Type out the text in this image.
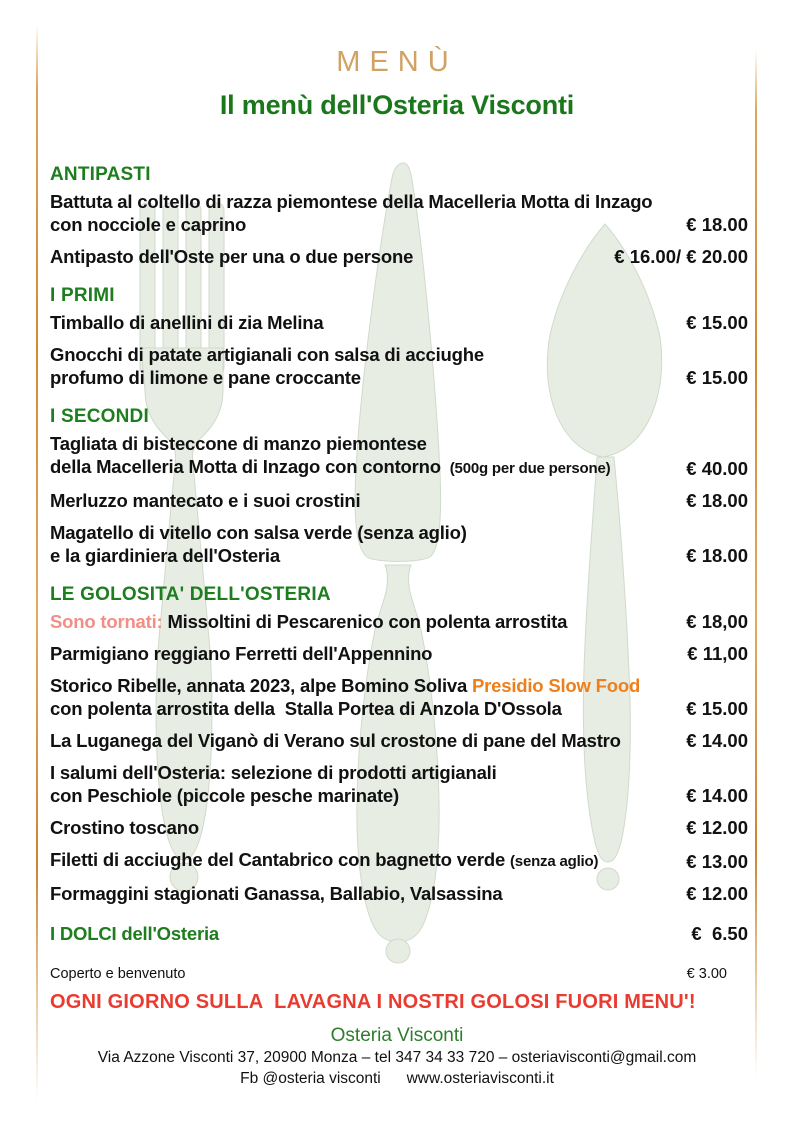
MENÙ
Il menù dell'Osteria Visconti
ANTIPASTI
Battuta al coltello di razza piemontese della Macelleria Motta di Inzago
con nocciole e caprino	€ 18.00
Antipasto dell'Oste per una o due persone	€ 16.00/ € 20.00
I PRIMI
Timballo di anellini di zia Melina	€ 15.00
Gnocchi di patate artigianali con salsa di acciughe
profumo di limone e pane croccante	€ 15.00
I SECONDI
Tagliata di bisteccone di manzo piemontese
della Macelleria Motta di Inzago con contorno  (500g per due persone)	€ 40.00
Merluzzo mantecato e i suoi crostini	€ 18.00
Magatello di vitello con salsa verde (senza aglio)
e la giardiniera dell'Osteria	€ 18.00
LE GOLOSITA' DELL'OSTERIA
Sono tornati: Missoltini di Pescarenico con polenta arrostita	€ 18,00
Parmigiano reggiano Ferretti dell'Appennino	€ 11,00
Storico Ribelle, annata 2023, alpe Bomino Soliva Presidio Slow Food
con polenta arrostita della  Stalla Portea di Anzola D'Ossola	€ 15.00
La Luganega del Viganò di Verano sul crostone di pane del Mastro	€ 14.00
I salumi dell'Osteria: selezione di prodotti artigianali
con Peschiole (piccole pesche marinate)	€ 14.00
Crostino toscano	€ 12.00
Filetti di acciughe del Cantabrico con bagnetto verde (senza aglio)	€ 13.00
Formaggini stagionati Ganassa, Ballabio, Valsassina	€ 12.00
I DOLCI dell'Osteria	€  6.50
Coperto e benvenuto	€ 3.00
OGNI GIORNO SULLA  LAVAGNA I NOSTRI GOLOSI FUORI MENU'!
Osteria Visconti
Via Azzone Visconti 37, 20900 Monza – tel 347 34 33 720 – osteriavisconti@gmail.com
Fb @osteria visconti      www.osteriavisconti.it
